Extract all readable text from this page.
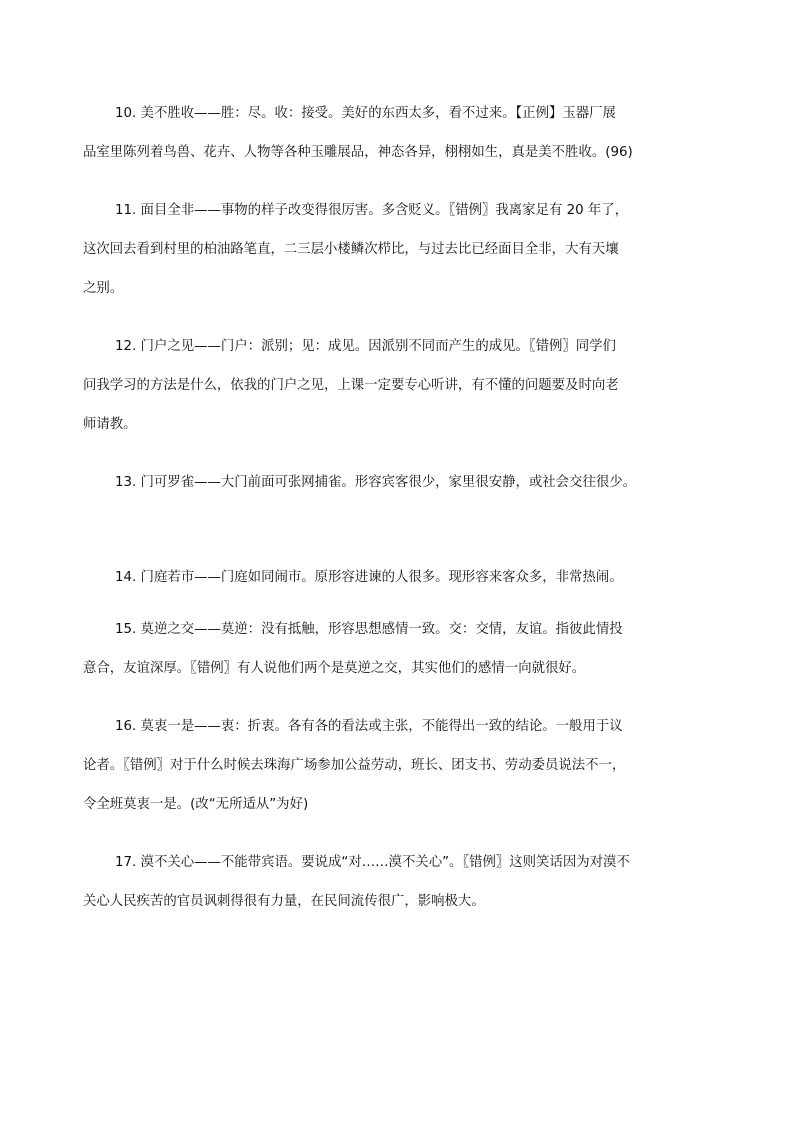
10. 美不胜收——胜：尽。收：接受。美好的东西太多，看不过来。【正例】玉器厂展
品室里陈列着鸟兽、花卉、人物等各种玉雕展品，神态各异，栩栩如生，真是美不胜收。(96)
11. 面目全非——事物的样子改变得很厉害。多含贬义。〖错例〗我离家足有 20 年了，
这次回去看到村里的柏油路笔直，二三层小楼鳞次栉比，与过去比已经面目全非，大有天壤
之别。
12. 门户之见——门户：派别；见：成见。因派别不同而产生的成见。〖错例〗同学们
问我学习的方法是什么，依我的门户之见，上课一定要专心听讲，有不懂的问题要及时向老
师请教。
13. 门可罗雀——大门前面可张网捕雀。形容宾客很少，家里很安静，或社会交往很少。
14. 门庭若市——门庭如同闹市。原形容进谏的人很多。现形容来客众多，非常热闹。
15. 莫逆之交——莫逆：没有抵触，形容思想感情一致。交：交情，友谊。指彼此情投
意合，友谊深厚。〖错例〗有人说他们两个是莫逆之交，其实他们的感情一向就很好。
16. 莫衷一是——衷：折衷。各有各的看法或主张，不能得出一致的结论。一般用于议
论者。〖错例〗对于什么时候去珠海广场参加公益劳动，班长、团支书、劳动委员说法不一，
令全班莫衷一是。(改“无所适从”为好)
17. 漠不关心——不能带宾语。要说成“对……漠不关心”。〖错例〗这则笑话因为对漠不
关心人民疾苦的官员讽刺得很有力量，在民间流传很广，影响极大。
